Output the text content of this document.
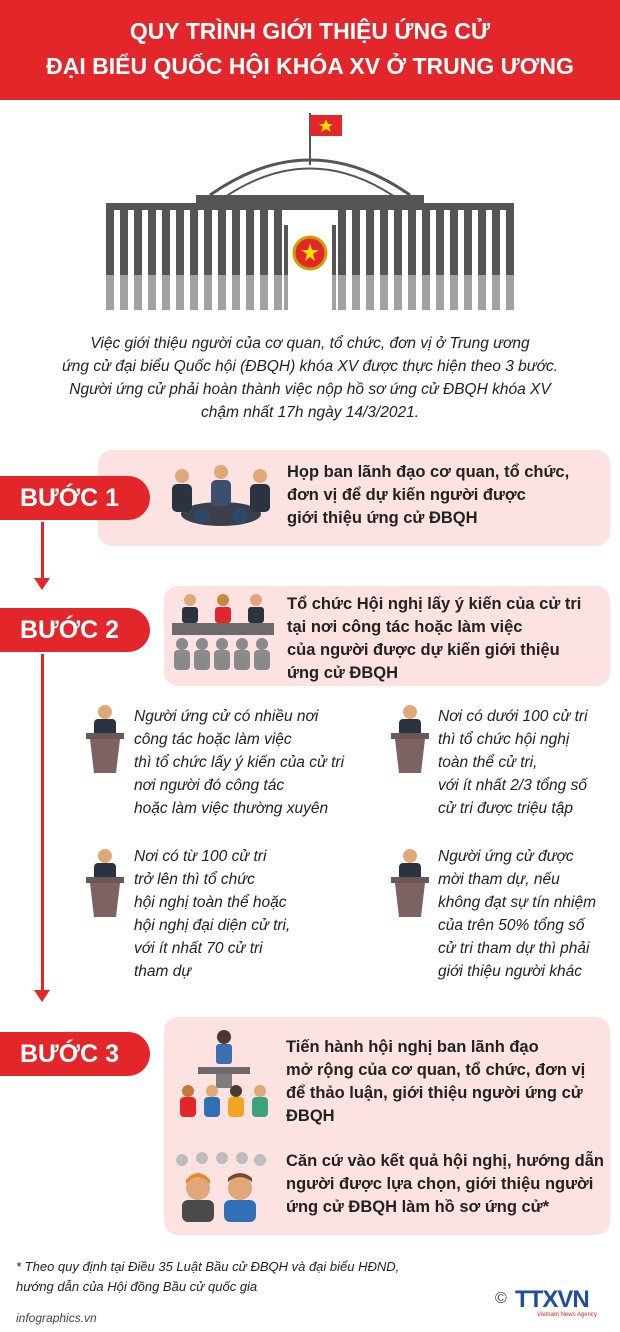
QUY TRÌNH GIỚI THIỆU ỨNG CỬ
ĐẠI BIỂU QUỐC HỘI KHÓA XV Ở TRUNG ƯƠNG
Việc giới thiệu người của cơ quan, tổ chức, đơn vị ở Trung ương
ứng cử đại biểu Quốc hội (ĐBQH) khóa XV được thực hiện theo 3 bước.
Người ứng cử phải hoàn thành việc nộp hồ sơ ứng cử ĐBQH khóa XV
chậm nhất 17h ngày 14/3/2021.
BƯỚC 1
Họp ban lãnh đạo cơ quan, tổ chức,
đơn vị để dự kiến người được
giới thiệu ứng cử ĐBQH
BƯỚC 2
Tổ chức Hội nghị lấy ý kiến của cử tri
tại nơi công tác hoặc làm việc
của người được dự kiến giới thiệu
ứng cử ĐBQH
Người ứng cử có nhiều nơi
công tác hoặc làm việc
thì tổ chức lấy ý kiến của cử tri
nơi người đó công tác
hoặc làm việc thường xuyên
Nơi có dưới 100 cử tri
thì tổ chức hội nghị
toàn thể cử tri,
với ít nhất 2/3 tổng số
cử tri được triệu tập
Nơi có từ 100 cử tri
trở lên thì tổ chức
hội nghị toàn thể hoặc
hội nghị đại diện cử tri,
với ít nhất 70 cử tri
tham dự
Người ứng cử được
mời tham dự, nếu
không đạt sự tín nhiệm
của trên 50% tổng số
cử tri tham dự thì phải
giới thiệu người khác
BƯỚC 3	Tiến hành hội nghị ban lãnh đạo
mở rộng của cơ quan, tổ chức, đơn vị
để thảo luận, giới thiệu người ứng cử
ĐBQH
Căn cứ vào kết quả hội nghị, hướng dẫn
người được lựa chọn, giới thiệu người
ứng cử ĐBQH làm hồ sơ ứng cử*
* Theo quy định tại Điều 35 Luật Bầu cử ĐBQH và đại biểu HĐND,
hướng dẫn của Hội đồng Bầu cử quốc gia
infographics.vn
© TTXVN
Vietnam News Agency
